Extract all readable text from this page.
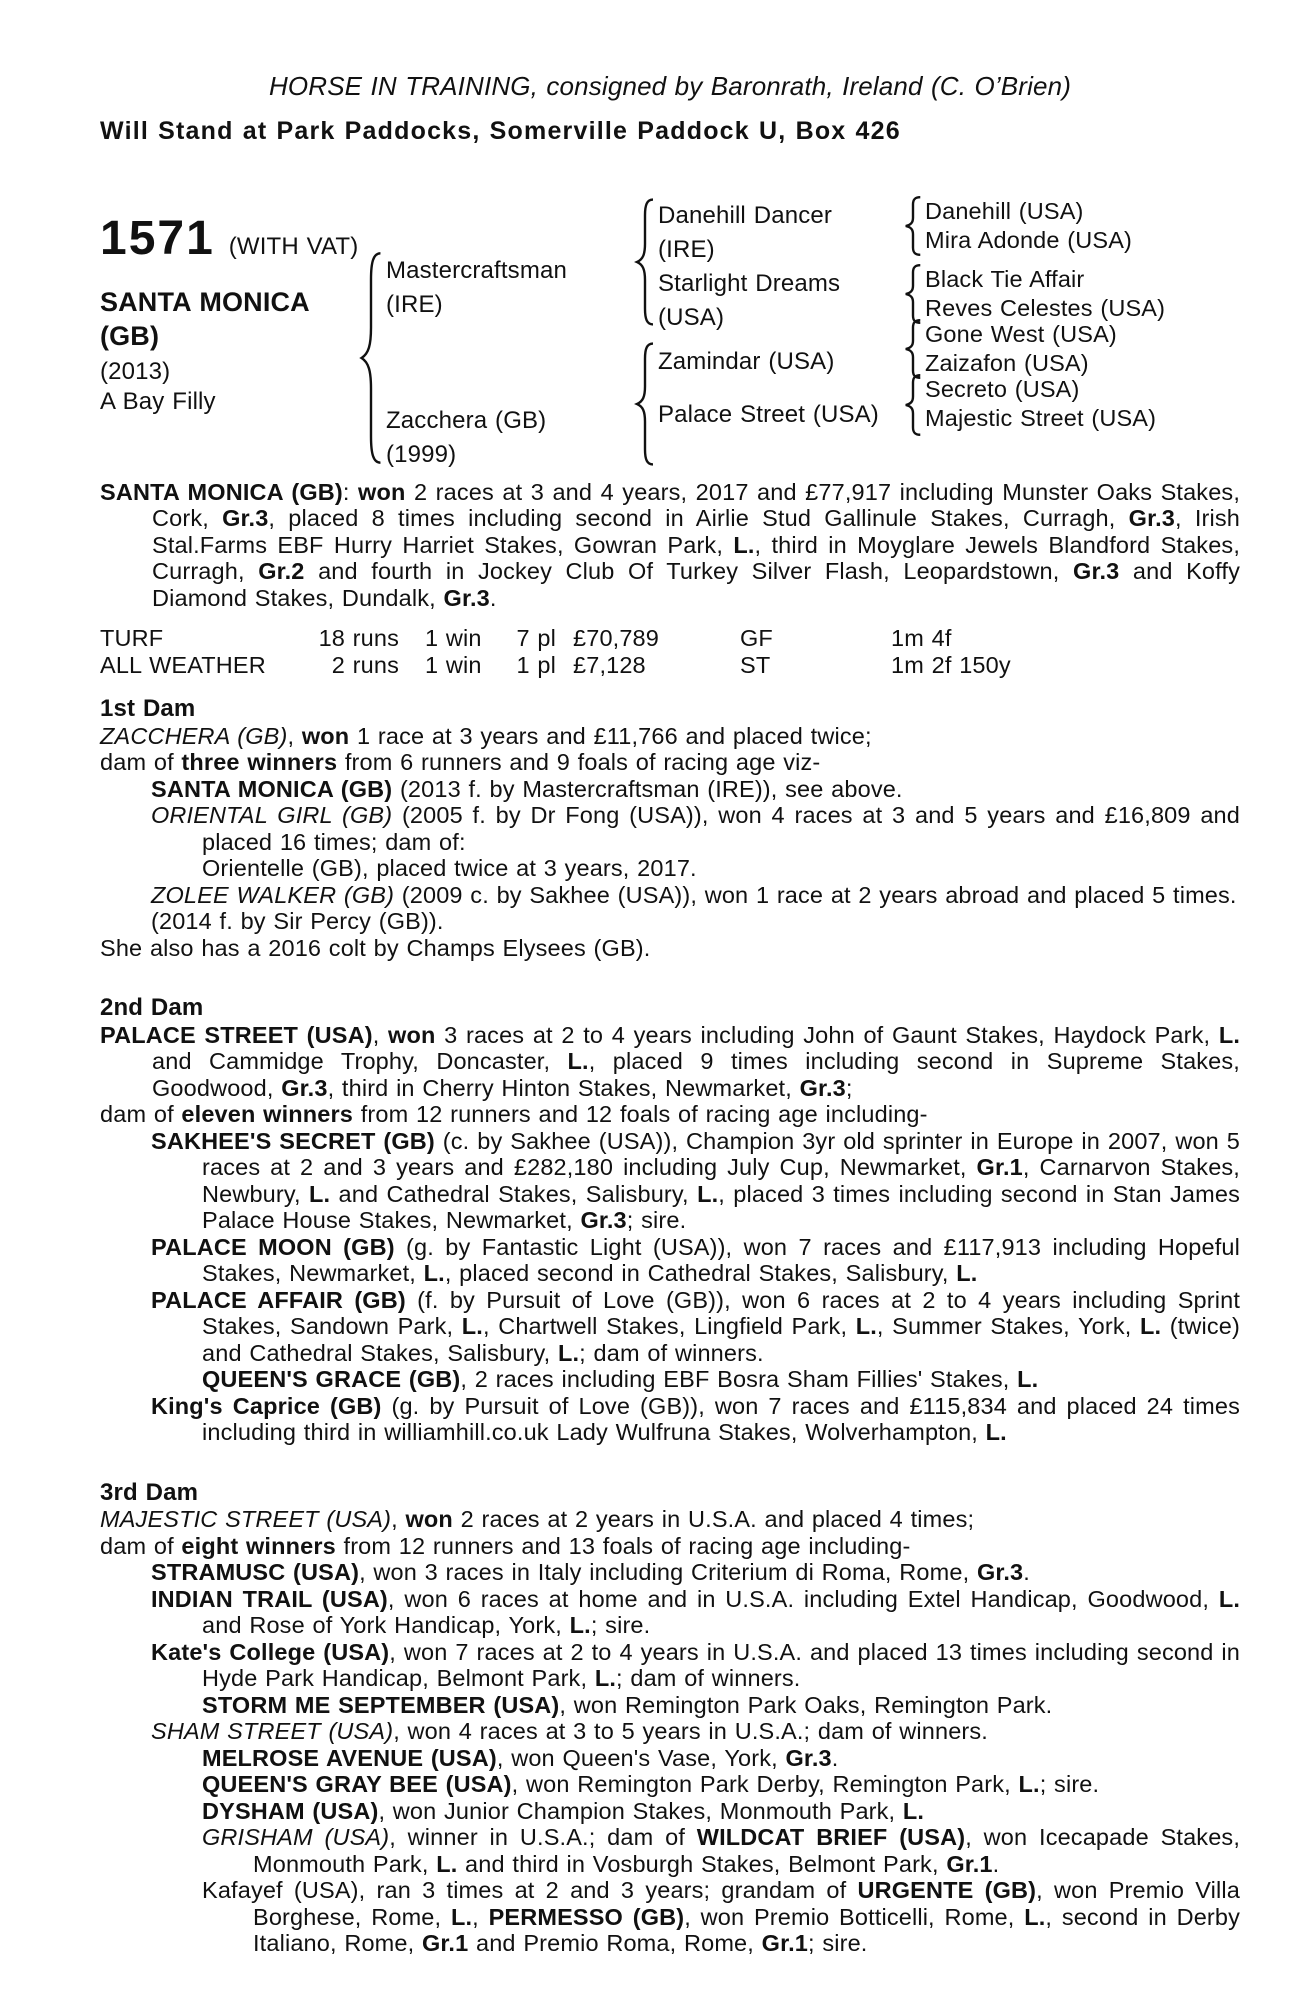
HORSE IN TRAINING, consigned by Baronrath, Ireland (C. O’Brien)
Will Stand at Park Paddocks, Somerville Paddock U, Box 426
1571 (WITH VAT)
SANTA MONICA
(GB)
(2013)
A Bay Filly
Mastercraftsman
(IRE)
Zacchera (GB)
(1999)
Danehill Dancer
(IRE)
Starlight Dreams
(USA)
Zamindar (USA)
Palace Street (USA)
Danehill (USA)
Mira Adonde (USA)
Black Tie Affair
Reves Celestes (USA)
Gone West (USA)
Zaizafon (USA)
Secreto (USA)
Majestic Street (USA)

SANTA MONICA (GB): won 2 races at 3 and 4 years, 2017 and £77,917 including Munster Oaks Stakes, Cork, Gr.3, placed 8 times including second in Airlie Stud Gallinule Stakes, Curragh, Gr.3, Irish Stal.Farms EBF Hurry Harriet Stakes, Gowran Park, L., third in Moyglare Jewels Blandford Stakes, Curragh, Gr.2 and fourth in Jockey Club Of Turkey Silver Flash, Leopardstown, Gr.3 and Koffy Diamond Stakes, Dundalk, Gr.3.

TURF	18 runs	1 win	7 pl £70,789	GF	1m 4f
ALL WEATHER	2 runs	1 win	1 pl £7,128	ST	1m 2f 150y
1st Dam

ZACCHERA (GB), won 1 race at 3 years and £11,766 and placed twice;

dam of three winners from 6 runners and 9 foals of racing age viz-

SANTA MONICA (GB) (2013 f. by Mastercraftsman (IRE)), see above.

ORIENTAL GIRL (GB) (2005 f. by Dr Fong (USA)), won 4 races at 3 and 5 years and £16,809 and placed 16 times; dam of:

Orientelle (GB), placed twice at 3 years, 2017.

ZOLEE WALKER (GB) (2009 c. by Sakhee (USA)), won 1 race at 2 years abroad and placed 5 times.

(2014 f. by Sir Percy (GB)).

She also has a 2016 colt by Champs Elysees (GB).

2nd Dam

PALACE STREET (USA), won 3 races at 2 to 4 years including John of Gaunt Stakes, Haydock Park, L. and Cammidge Trophy, Doncaster, L., placed 9 times including second in Supreme Stakes, Goodwood, Gr.3, third in Cherry Hinton Stakes, Newmarket, Gr.3;

dam of eleven winners from 12 runners and 12 foals of racing age including-

SAKHEE'S SECRET (GB) (c. by Sakhee (USA)), Champion 3yr old sprinter in Europe in 2007, won 5 races at 2 and 3 years and £282,180 including July Cup, Newmarket, Gr.1, Carnarvon Stakes, Newbury, L. and Cathedral Stakes, Salisbury, L., placed 3 times including second in Stan James Palace House Stakes, Newmarket, Gr.3; sire.

PALACE MOON (GB) (g. by Fantastic Light (USA)), won 7 races and £117,913 including Hopeful Stakes, Newmarket, L., placed second in Cathedral Stakes, Salisbury, L.

PALACE AFFAIR (GB) (f. by Pursuit of Love (GB)), won 6 races at 2 to 4 years including Sprint Stakes, Sandown Park, L., Chartwell Stakes, Lingfield Park, L., Summer Stakes, York, L. (twice) and Cathedral Stakes, Salisbury, L.; dam of winners.

QUEEN'S GRACE (GB), 2 races including EBF Bosra Sham Fillies' Stakes, L.

King's Caprice (GB) (g. by Pursuit of Love (GB)), won 7 races and £115,834 and placed 24 times including third in williamhill.co.uk Lady Wulfruna Stakes, Wolverhampton, L.

3rd Dam

MAJESTIC STREET (USA), won 2 races at 2 years in U.S.A. and placed 4 times;

dam of eight winners from 12 runners and 13 foals of racing age including-

STRAMUSC (USA), won 3 races in Italy including Criterium di Roma, Rome, Gr.3.

INDIAN TRAIL (USA), won 6 races at home and in U.S.A. including Extel Handicap, Goodwood, L. and Rose of York Handicap, York, L.; sire.

Kate's College (USA), won 7 races at 2 to 4 years in U.S.A. and placed 13 times including second in Hyde Park Handicap, Belmont Park, L.; dam of winners.

STORM ME SEPTEMBER (USA), won Remington Park Oaks, Remington Park.

SHAM STREET (USA), won 4 races at 3 to 5 years in U.S.A.; dam of winners.

MELROSE AVENUE (USA), won Queen's Vase, York, Gr.3.

QUEEN'S GRAY BEE (USA), won Remington Park Derby, Remington Park, L.; sire.

DYSHAM (USA), won Junior Champion Stakes, Monmouth Park, L.

GRISHAM (USA), winner in U.S.A.; dam of WILDCAT BRIEF (USA), won Icecapade Stakes, Monmouth Park, L. and third in Vosburgh Stakes, Belmont Park, Gr.1.

Kafayef (USA), ran 3 times at 2 and 3 years; grandam of URGENTE (GB), won Premio Villa Borghese, Rome, L., PERMESSO (GB), won Premio Botticelli, Rome, L., second in Derby Italiano, Rome, Gr.1 and Premio Roma, Rome, Gr.1; sire.
